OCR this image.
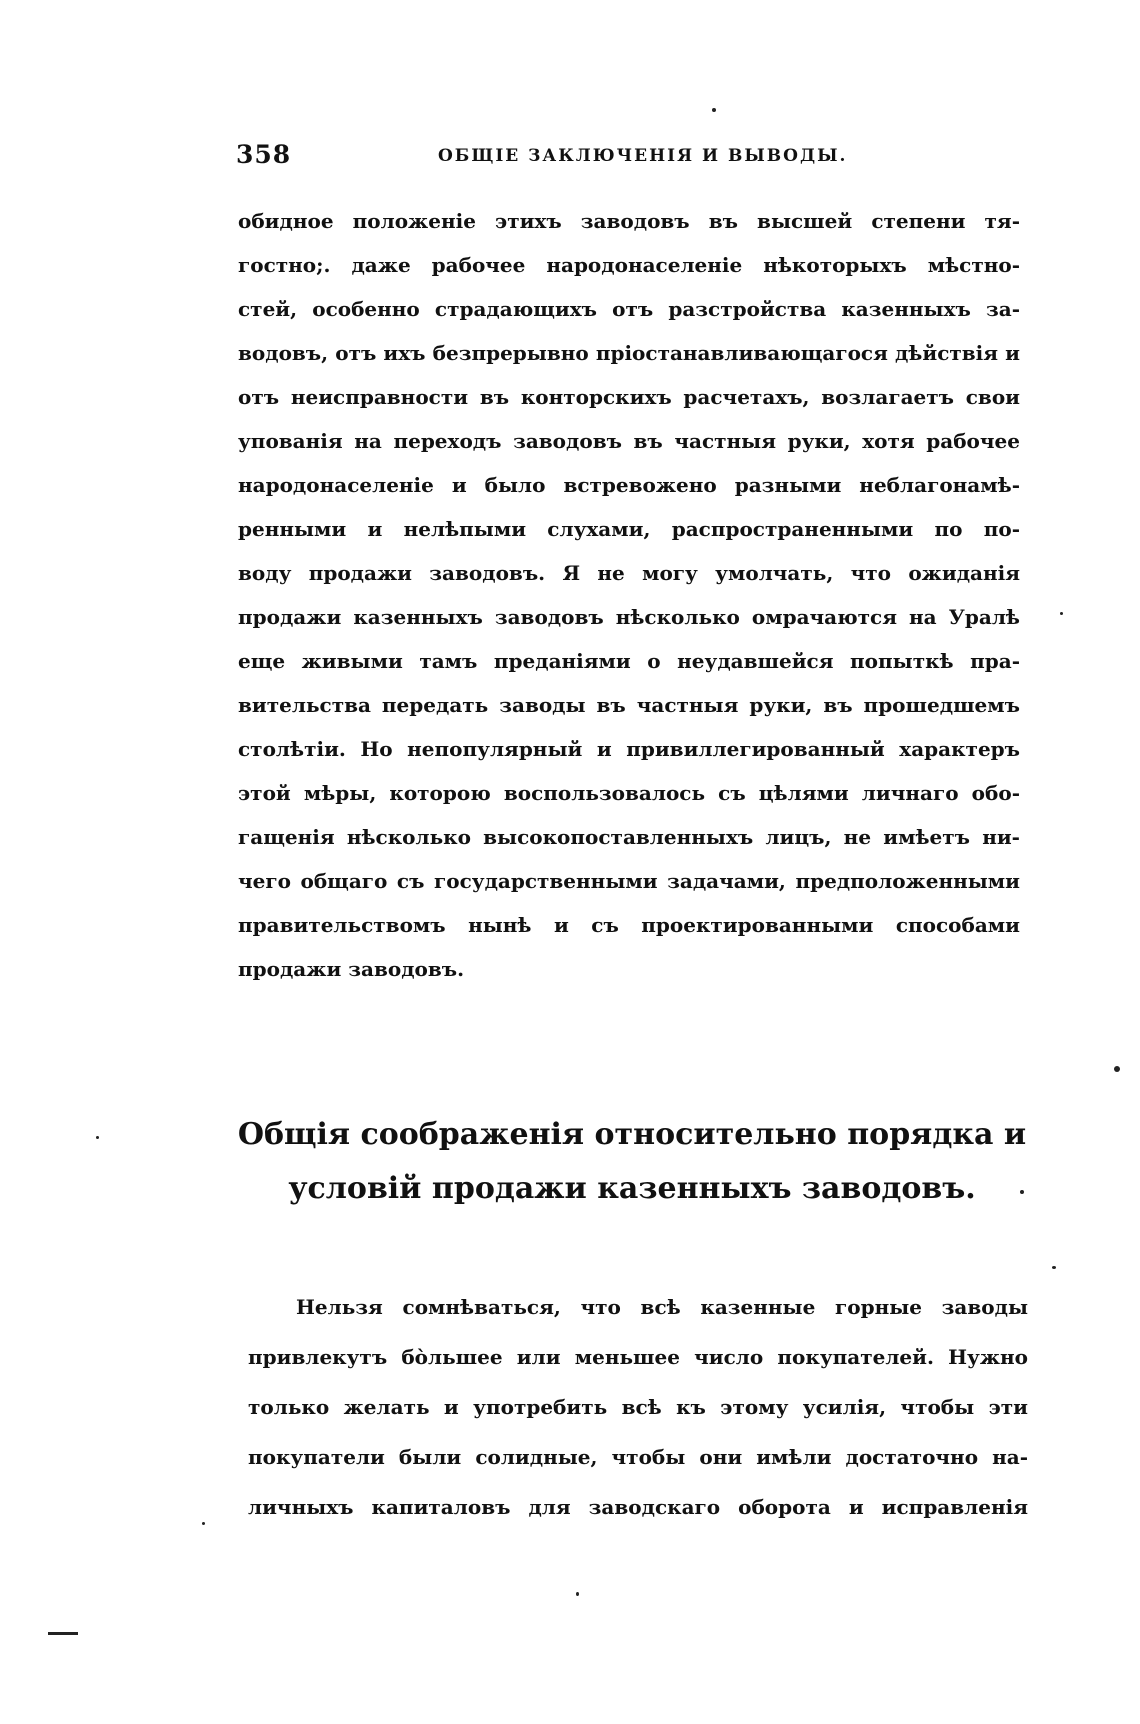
358	ОБЩІЕ ЗАКЛЮЧЕНІЯ И ВЫВОДЫ.
обидное положеніе этихъ заводовъ въ высшей степени тя-
гостно;. даже рабочее народонаселеніе нѣкоторыхъ мѣстно-
стей, особенно страдающихъ отъ разстройства казенныхъ за-
водовъ, отъ ихъ безпрерывно пріостанавливающагося дѣйствія и
отъ неисправности въ конторскихъ расчетахъ, возлагаетъ свои
упованія на переходъ заводовъ въ частныя руки, хотя рабочее
народонаселеніе и было встревожено разными неблагонамѣ-
ренными и нелѣпыми слухами, распространенными по по-
воду продажи заводовъ. Я не могу умолчать, что ожиданія
продажи казенныхъ заводовъ нѣсколько омрачаются на Уралѣ
еще живыми тамъ преданіями о неудавшейся попыткѣ пра-
вительства передать заводы въ частныя руки, въ прошедшемъ
столѣтіи. Но непопулярный и привиллегированный характеръ
этой мѣры, которою воспользовалось съ цѣлями личнаго обо-
гащенія нѣсколько высокопоставленныхъ лицъ, не имѣетъ ни-
чего общаго съ государственными задачами, предположенными
правительствомъ нынѣ и съ проектированными способами
продажи заводовъ.
Общія соображенія относительно порядка и
условій продажи казенныхъ заводовъ.
Нельзя сомнѣваться, что всѣ казенные горные заводы
привлекутъ бо̀льшее или меньшее число покупателей. Нужно
только желать и употребить всѣ къ этому усилія, чтобы эти
покупатели были солидные, чтобы они имѣли достаточно на-
личныхъ капиталовъ для заводскаго оборота и исправленія
